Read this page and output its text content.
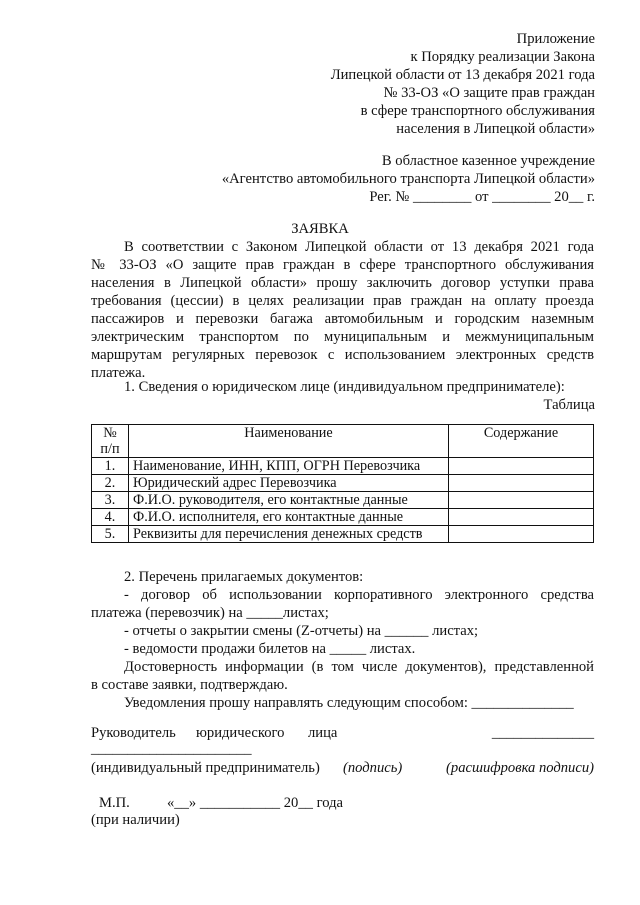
Приложение
к Порядку реализации Закона
Липецкой области от 13 декабря 2021 года
№ 33-ОЗ «О защите прав граждан
в сфере транспортного обслуживания
населения в Липецкой области»
В областное казенное учреждение
«Агентство автомобильного транспорта Липецкой области»
Рег. № ________ от ________ 20__ г.
ЗАЯВКА
В соответствии с Законом Липецкой области от 13 декабря 2021 года
№ 33-ОЗ «О защите прав граждан в сфере транспортного обслуживания
населения в Липецкой области» прошу заключить договор уступки права
требования (цессии) в целях реализации прав граждан на оплату проезда
пассажиров и перевозки багажа автомобильным и городским наземным
электрическим транспортом по муниципальным и межмуниципальным
маршрутам регулярных перевозок с использованием электронных средств
платежа.
1. Сведения о юридическом лице (индивидуальном предпринимателе):
Таблица
№
п/п	Наименование	Содержание
1.	Наименование, ИНН, КПП, ОГРН Перевозчика	
2.	Юридический адрес Перевозчика	
3.	Ф.И.О. руководителя, его контактные данные	
4.	Ф.И.О. исполнителя, его контактные данные	
5.	Реквизиты для перечисления денежных средств	
2. Перечень прилагаемых документов:
- договор об использовании корпоративного электронного средства
платежа (перевозчик) на _____листах;
- отчеты о закрытии смены (Z-отчеты) на ______ листах;
- ведомости продажи билетов на _____ листах.
Достоверность информации (в том числе документов), представленной
в составе заявки, подтверждаю.
Уведомления прошу направлять следующим способом: ______________
Руководитель юридического лица	______________
______________________
(индивидуальный предприниматель) (подпись)	(расшифровка подписи)
М.П.	«__» ___________ 20__ года
(при наличии)
